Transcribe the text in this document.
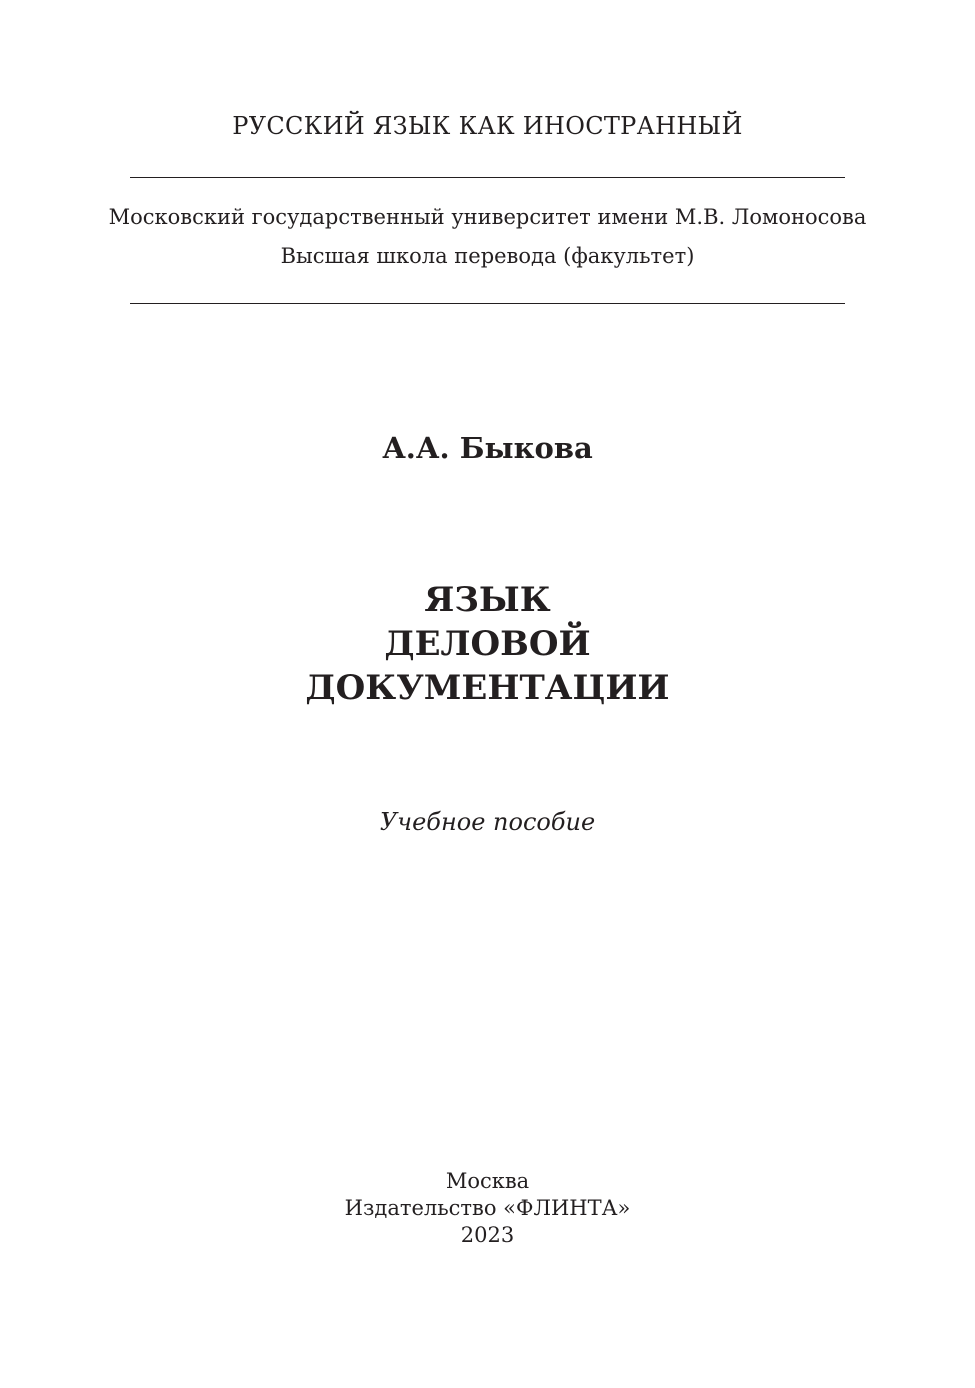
РУССКИЙ ЯЗЫК КАК ИНОСТРАННЫЙ
Московский государственный университет имени М.В. Ломоносова
Высшая школа перевода (факультет)
А.А. Быкова
ЯЗЫК
ДЕЛОВОЙ
ДОКУМЕНТАЦИИ
Учебное пособие
Москва
Издательство «ФЛИНТА»
2023
